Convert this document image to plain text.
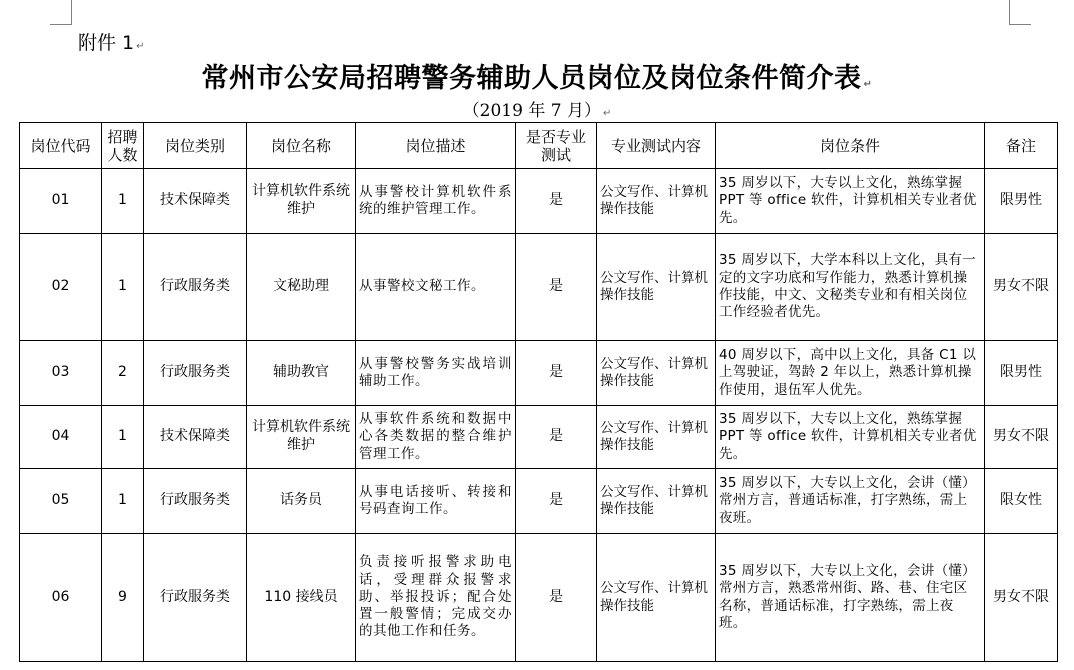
附件 1 ↵
常州市公安局招聘警务辅助人员岗位及岗位条件简介表 ↵
（2019 年 7 月） ↵
岗位代码	招聘人数	岗位类别	岗位名称	岗位描述	是否专业测试	专业测试内容	岗位条件	备注
01	1	技术保障类	计算机软件系统维护	从事警校计算机软件系统的维护管理工作。	是	公文写作、计算机操作技能	35 周岁以下，大专以上文化，熟练掌握 PPT 等 office 软件，计算机相关专业者优先。	限男性
02	1	行政服务类	文秘助理	从事警校文秘工作。	是	公文写作、计算机操作技能	35 周岁以下，大学本科以上文化，具有一定的文字功底和写作能力，熟悉计算机操作技能，中文、文秘类专业和有相关岗位工作经验者优先。	男女不限
03	2	行政服务类	辅助教官	从事警校警务实战培训辅助工作。	是	公文写作、计算机操作技能	40 周岁以下，高中以上文化，具备 C1 以上驾驶证，驾龄 2 年以上，熟悉计算机操作使用，退伍军人优先。	限男性
04	1	技术保障类	计算机软件系统维护	从事软件系统和数据中心各类数据的整合维护管理工作。	是	公文写作、计算机操作技能	35 周岁以下，大专以上文化，熟练掌握 PPT 等 office 软件，计算机相关专业者优先。	男女不限
05	1	行政服务类	话务员	从事电话接听、转接和号码查询工作。	是	公文写作、计算机操作技能	35 周岁以下，大专以上文化，会讲（懂）常州方言，普通话标准，打字熟练，需上夜班。	限女性
06	9	行政服务类	110 接线员	负责接听报警求助电话，受理群众报警求助、举报投诉；配合处置一般警情；完成交办的其他工作和任务。	是	公文写作、计算机操作技能	35 周岁以下，大专以上文化，会讲（懂）常州方言，熟悉常州街、路、巷、住宅区名称，普通话标准，打字熟练，需上夜班。	男女不限
